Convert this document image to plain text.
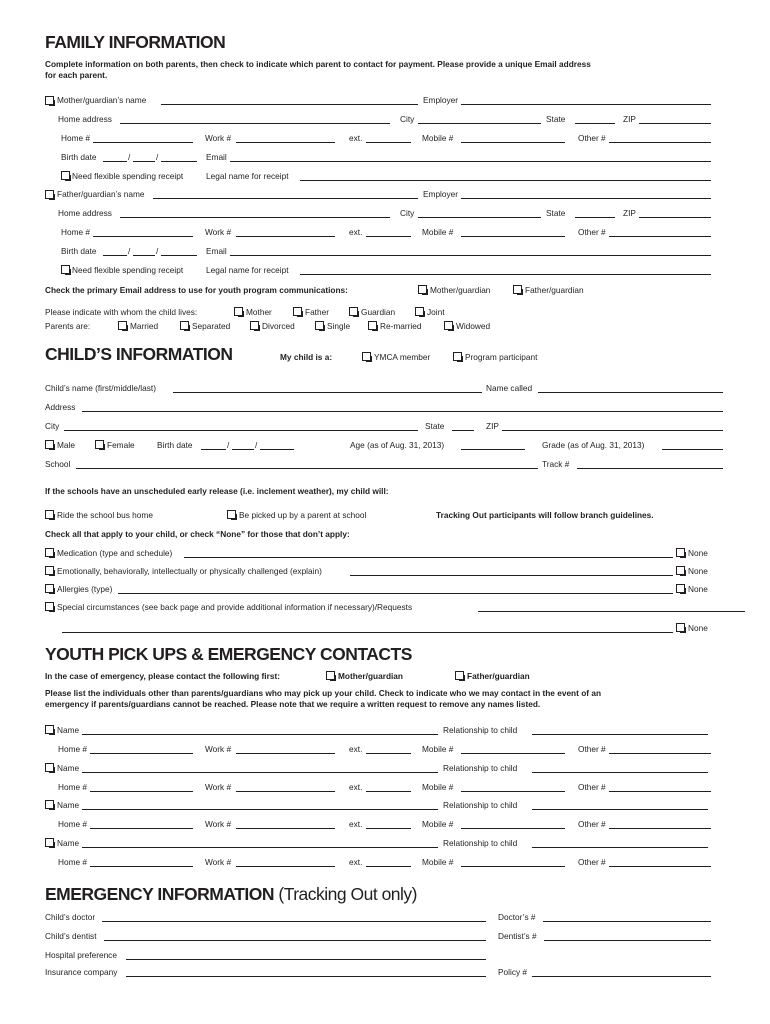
FAMILY INFORMATION
Complete information on both parents, then check to indicate which parent to contact for payment. Please provide a unique Email address
for each parent.
Mother/guardian’s name	Employer
Home address	City	State	ZIP
Home #	Work #	ext.	Mobile #	Other #
Birth date	/	/	Email
Need flexible spending receipt	Legal name for receipt
Father/guardian’s name	Employer
Home address	City	State	ZIP
Home #	Work #	ext.	Mobile #	Other #
Birth date	/	/	Email
Need flexible spending receipt	Legal name for receipt
Check the primary Email address to use for youth program communications:	Mother/guardian	Father/guardian
Please indicate with whom the child lives:	Mother	Father	Guardian	Joint
Parents are:	Married	Separated	Divorced	Single	Re-married	Widowed
CHILD’S INFORMATION	My child is a:	YMCA member	Program participant
Child’s name (first/middle/last)	Name called
Address
City	State	ZIP
Male	Female	Birth date	/	/	Age (as of Aug. 31, 2013)	Grade (as of Aug. 31, 2013)
School	Track #
If the schools have an unscheduled early release (i.e. inclement weather), my child will:
Ride the school bus home	Be picked up by a parent at school	Tracking Out participants will follow branch guidelines.
Check all that apply to your child, or check “None” for those that don’t apply:
Medication (type and schedule)	None
Emotionally, behaviorally, intellectually or physically challenged (explain)	None
Allergies (type)	None
Special circumstances (see back page and provide additional information if necessary)/Requests
None
YOUTH PICK UPS & EMERGENCY CONTACTS
In the case of emergency, please contact the following first:	Mother/guardian	Father/guardian
Please list the individuals other than parents/guardians who may pick up your child. Check to indicate who we may contact in the event of an
emergency if parents/guardians cannot be reached. Please note that we require a written request to remove any names listed.
Name	Relationship to child
Home #	Work #	ext.	Mobile #	Other #
Name	Relationship to child
Home #	Work #	ext.	Mobile #	Other #
Name	Relationship to child
Home #	Work #	ext.	Mobile #	Other #
Name	Relationship to child
Home #	Work #	ext.	Mobile #	Other #
EMERGENCY INFORMATION (Tracking Out only)
Child’s doctor	Doctor’s #
Child’s dentist	Dentist’s #
Hospital preference
Insurance company	Policy #
